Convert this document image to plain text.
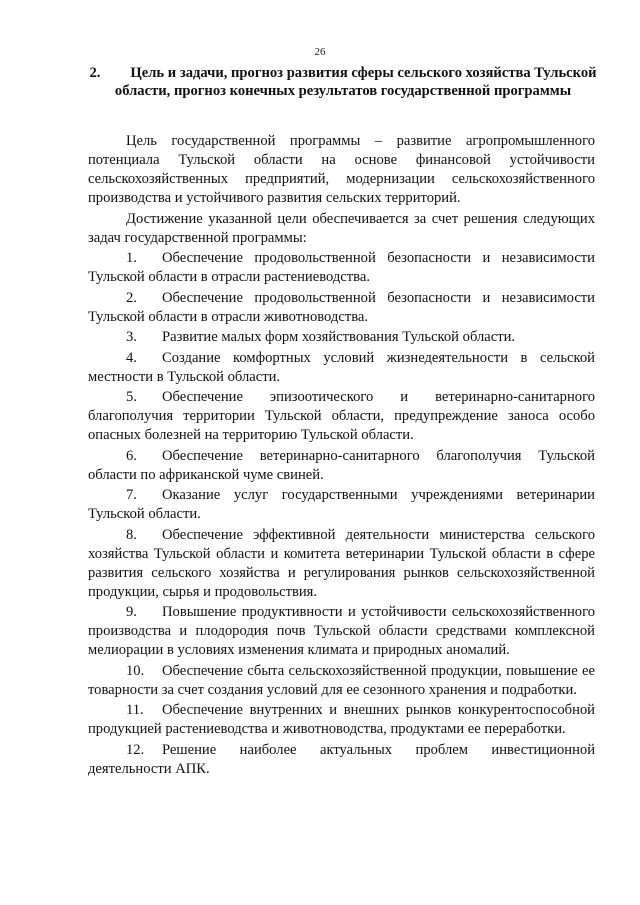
26
2. Цель и задачи, прогноз развития сферы сельского хозяйства Тульской области, прогноз конечных результатов государственной программы

Цель государственной программы – развитие агропромышленного потенциала Тульской области на основе финансовой устойчивости сельскохозяйственных предприятий, модернизации сельскохозяйственного производства и устойчивого развития сельских территорий.

Достижение указанной цели обеспечивается за счет решения следующих задач государственной программы:

1. Обеспечение продовольственной безопасности и независимости Тульской области в отрасли растениеводства.

2. Обеспечение продовольственной безопасности и независимости Тульской области в отрасли животноводства.

3. Развитие малых форм хозяйствования Тульской области.

4. Создание комфортных условий жизнедеятельности в сельской местности в Тульской области.

5. Обеспечение эпизоотического и ветеринарно-санитарного благополучия территории Тульской области, предупреждение заноса особо опасных болезней на территорию Тульской области.

6. Обеспечение ветеринарно-санитарного благополучия Тульской области по африканской чуме свиней.

7. Оказание услуг государственными учреждениями ветеринарии Тульской области.

8. Обеспечение эффективной деятельности министерства сельского хозяйства Тульской области и комитета ветеринарии Тульской области в сфере развития сельского хозяйства и регулирования рынков сельскохозяйственной продукции, сырья и продовольствия.

9. Повышение продуктивности и устойчивости сельскохозяйственного производства и плодородия почв Тульской области средствами комплексной мелиорации в условиях изменения климата и природных аномалий.

10. Обеспечение сбыта сельскохозяйственной продукции, повышение ее товарности за счет создания условий для ее сезонного хранения и подработки.

11. Обеспечение внутренних и внешних рынков конкурентоспособной продукцией растениеводства и животноводства, продуктами ее переработки.

12. Решение наиболее актуальных проблем инвестиционной деятельности АПК.
